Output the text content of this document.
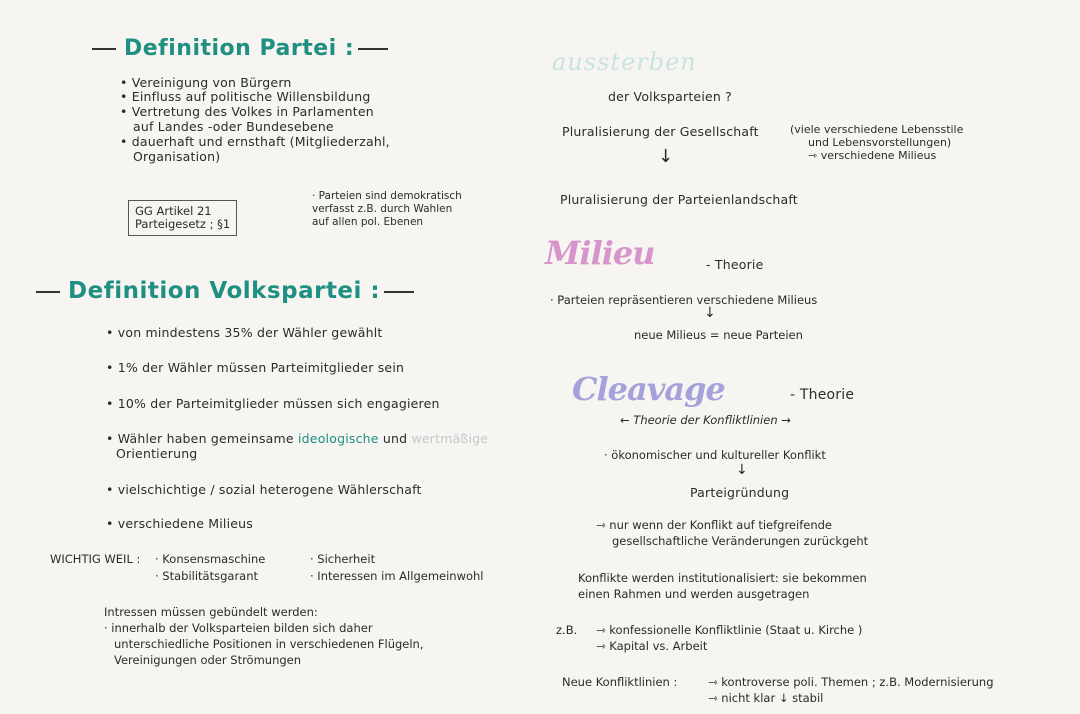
Definition Partei :
• Vereinigung von Bürgern
• Einfluss auf politische Willensbildung
• Vertretung des Volkes in Parlamenten
auf Landes -oder Bundesebene
• dauerhaft und ernsthaft (Mitgliederzahl,
Organisation)
GG Artikel 21
Parteigesetz ; §1
· Parteien sind demokratisch
verfasst z.B. durch Wahlen
auf allen pol. Ebenen
Definition Volkspartei :
• von mindestens 35% der Wähler gewählt
• 1% der Wähler müssen Parteimitglieder sein
• 10% der Parteimitglieder müssen sich engagieren
• Wähler haben gemeinsame ideologische und wertmäßige
Orientierung
• vielschichtige / sozial heterogene Wählerschaft
• verschiedene Milieus
WICHTIG WEIL : · Konsensmaschine	· Sicherheit
· Stabilitätsgarant	· Interessen im Allgemeinwohl
Intressen müssen gebündelt werden:
· innerhalb der Volksparteien bilden sich daher
unterschiedliche Positionen in verschiedenen Flügeln,
Vereinigungen oder Strömungen
aussterben
der Volksparteien ?
Pluralisierung der Gesellschaft	(viele verschiedene Lebensstile
und Lebensvorstellungen)
⇾ verschiedene Milieus
↓
Pluralisierung der Parteienlandschaft
Milieu	- Theorie
· Parteien repräsentieren verschiedene Milieus
↓
neue Milieus = neue Parteien
Cleavage	- Theorie
← Theorie der Konfliktlinien →
· ökonomischer und kultureller Konflikt
↓
Parteigründung
⇾ nur wenn der Konflikt auf tiefgreifende
gesellschaftliche Veränderungen zurückgeht
Konflikte werden institutionalisiert: sie bekommen
einen Rahmen und werden ausgetragen
z.B. ⇾ konfessionelle Konfliktlinie (Staat u. Kirche )
⇾ Kapital vs. Arbeit
Neue Konfliktlinien :	⇾ kontroverse poli. Themen ; z.B. Modernisierung
⇾ nicht klar ↓ stabil
